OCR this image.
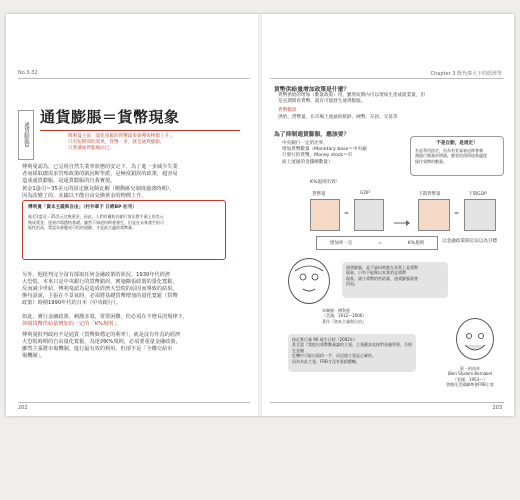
No.3-32
通貨膨脹2
通貨膨脹＝貨幣現象
傅利曼主張「量化寬鬆的貨幣政策會導致物價上升」。
只有短期間的效果，貨幣一多，就是通貨膨脹，
只會讓通貨膨脹而已。
傅利曼認為，已呈現自然失業率狀態的安定下，為了進一步減少失業
者而採取總需求管理政策的凱因斯學派，是極度錯誤的政策，超容易
造成通貨膨脹，是通貨膨脹的自我實現。
黃金1盎司＝35美元的固定匯兌制瓦解（變動匯兌制度過渡時期），
因為改變了的，美國以不能自由兌換黃金的物價上升。
傅利曼「資本主義與自由」（村井章子 日經BP 社刊）
視至1盎司＝35美元兌換黃金，因此，人們有戴防內銷行貨出將手頭上的美元
換成黃金，達到市場價格基礎。雖然不知道何時會發生，但是在未來發生的可
能性很高，我認為會變成可怕的通膨，才是最合適的貨幣量。
另外，他批判完全沒有採取任何金融政策的狀況。1930年代經濟
大恐慌，本來只是中央銀行的貨幣錯誤，實施擴張政策的量化寬鬆，
反而減少世給，傅利曼認為是造成經濟大恐慌的原因而導致的結果。
換句話說，主張在不景氣時，必須將基礎貨幣增加的量化寬鬆（貨幣
政策）時期1990年代的日本（中央銀行）。
如此，實行金融政策，刺激多寡，常常困難，但必須在不增長的規律下，
抑制貨幣供給量增加的一定的「K%規則」。
傅利曼批判政府不是通貨（貨幣與穩定的利率），就是沒有作為的經濟
大恐慌時期的自由量化寬鬆，為達到K%規則，必須要重量金融政策，
雖然主張將市場機制，進行最有效的利用，但卻不是「全權交給市
場機制」。
202
Chapter 3 既代偉大下的經濟學
貨幣供給量增加政策是什麼？
貨幣供給的增加（數量政策）用，雖然短期內可以增加生產或就業量，但
是長期間看貨幣，就有可能發生通貨膨脹。
貨幣數量
供給、貨幣量，在市場上流通的紙鈔、硬幣、存款、交易等
為了抑制通貨膨脹，應該要？
中央銀行一定的比率，
增加貨幣數量（Monetary base＝中央銀
行發行的貨幣，Money stock＝市
面上流通的金錢總數量）
不是自動，是規定！
若是利用固定，因為有景氣衰退時會刺
激銀行總量的增減，應要依照情境來適度
操作貨幣的數量。
K%規則有效！
貨幣量	GDP
=
下期貨幣量	下期GDP
=
增加率一定	=	K%規則	以金融政策制訂法以為目標
通貨膨脹，是不論何時都在本質上是貨幣
現象，只有不能夠以本質的是貨幣
現象，減少貨幣的供給量，通貨膨脹就會
消退。
米爾頓・傅利曼
（美國，1912～2006）
著作『資本主義與自由』
接近實行量 90 歲生日時（2002年）
甚至說『我提出貨幣數量論的主張，主張應該直接對金融管理，否則在金融
危機中可能出現的一手，而這個主張是正確的。
因為有此主張，FRB才沒有重蹈覆轍。
班・柏南奇
(Ben Shalom Bernake)
（美國，1953～）
曾擔任美國聯準會FRB主席
203
